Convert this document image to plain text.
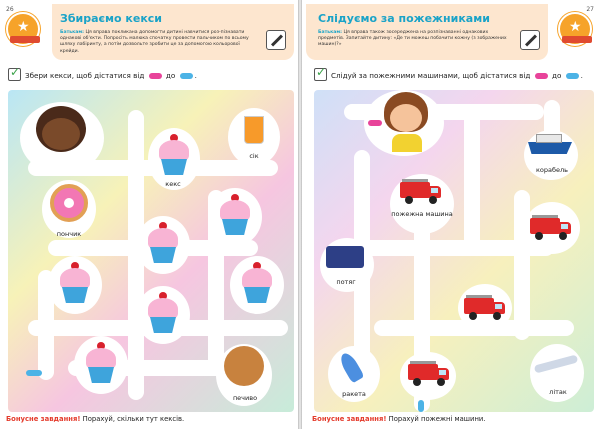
26
★
Збираємо кекси
Батькам: Ця вправа покликана допомогти дитині навчитися роз-пізнавати однакові об'єкти. Попросіть малюка спочатку провести пальчиком по всьому шляху лабіринту, а потім дозвольте зробити це за допомогою кольорової крейди.
✓ Збери кекси, щоб дістатися від	до	.
сік
пончик
кекс
печиво
Бонусне завдання! Порахуй, скільки тут кексів.
27
★
Слідуємо за пожежниками
Батькам: Ця вправа також зосереджена на розпізнаванні однакових предметів. Запитайте дитину: «Де ти можеш побачити кожну (з зображених машин)?»
✓ Слідуй за пожежними машинами, щоб дістатися від	до	.
корабель
пожежна машина
потяг
ракета	літак
Бонусне завдання! Порахуй пожежні машини.
